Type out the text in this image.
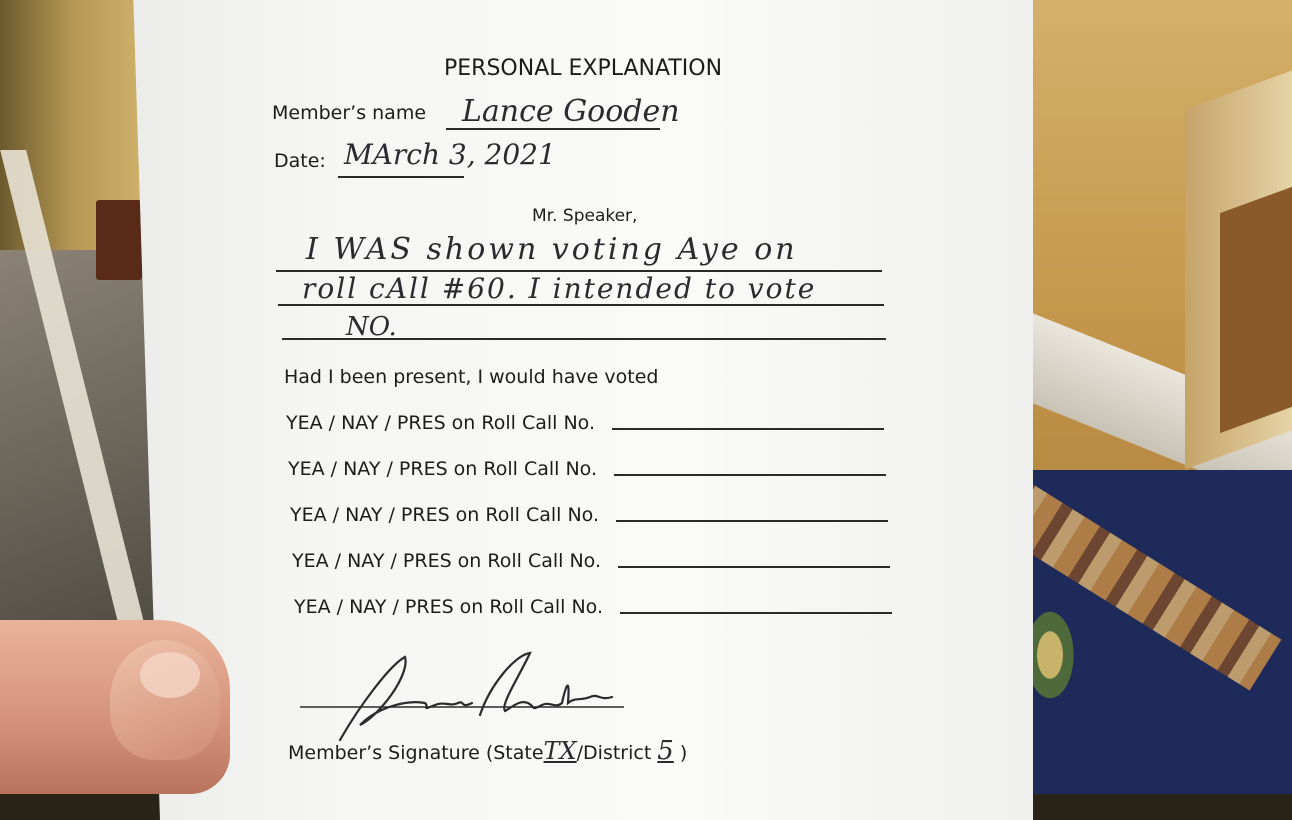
PERSONAL EXPLANATION
Member’s name Lance Gooden
Date: MArch 3, 2021
Mr. Speaker,
I WAS shown voting Aye on
roll cAll #60. I intended to vote
NO.
Had I been present, I would have voted
YEA / NAY / PRES on Roll Call No.
YEA / NAY / PRES on Roll Call No.
YEA / NAY / PRES on Roll Call No.
YEA / NAY / PRES on Roll Call No.
YEA / NAY / PRES on Roll Call No.
Member’s Signature (StateTX/District 5 )
